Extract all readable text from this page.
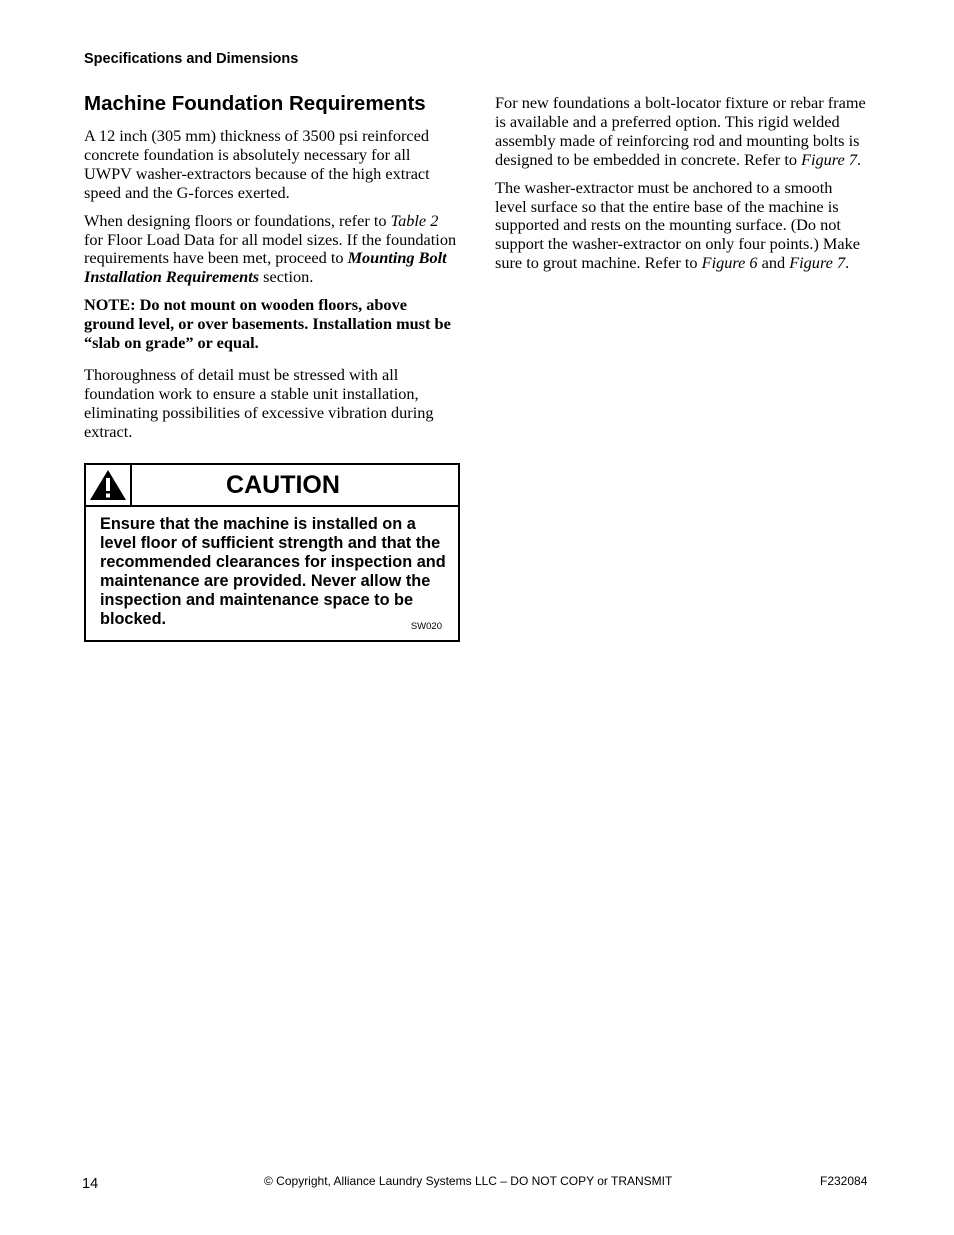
Specifications and Dimensions
Machine Foundation Requirements

A 12 inch (305 mm) thickness of 3500 psi reinforced concrete foundation is absolutely necessary for all UWPV washer-extractors because of the high extract speed and the G-forces exerted.

When designing floors or foundations, refer to Table 2 for Floor Load Data for all model sizes. If the foundation requirements have been met, proceed to Mounting Bolt Installation Requirements section.

NOTE: Do not mount on wooden floors, above ground level, or over basements. Installation must be “slab on grade” or equal.

Thoroughness of detail must be stressed with all foundation work to ensure a stable unit installation, eliminating possibilities of excessive vibration during extract.

CAUTION

Ensure that the machine is installed on a level floor of sufficient strength and that the recommended clearances for inspection and maintenance are provided. Never allow the inspection and maintenance space to be blocked.	SW020

For new foundations a bolt-locator fixture or rebar frame is available and a preferred option. This rigid welded assembly made of reinforcing rod and mounting bolts is designed to be embedded in concrete. Refer to Figure 7.

The washer-extractor must be anchored to a smooth level surface so that the entire base of the machine is supported and rests on the mounting surface. (Do not support the washer-extractor on only four points.) Make sure to grout machine. Refer to Figure 6 and Figure 7.

14	© Copyright, Alliance Laundry Systems LLC – DO NOT COPY or TRANSMIT	F232084
